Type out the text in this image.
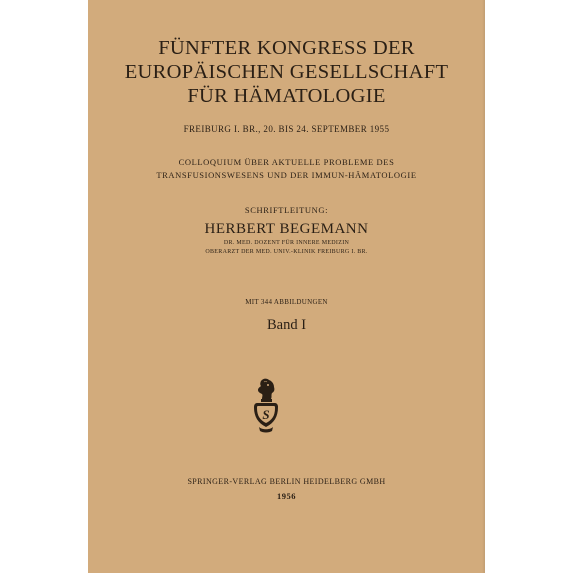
FÜNFTER KONGRESS DER
EUROPÄISCHEN GESELLSCHAFT
FÜR HÄMATOLOGIE
FREIBURG I. BR., 20. BIS 24. SEPTEMBER 1955
COLLOQUIUM ÜBER AKTUELLE PROBLEME DES
TRANSFUSIONSWESENS UND DER IMMUN-HÄMATOLOGIE
SCHRIFTLEITUNG:
HERBERT BEGEMANN
DR. MED. DOZENT FÜR INNERE MEDIZIN
OBERARZT DER MED. UNIV.-KLINIK FREIBURG I. BR.
MIT 344 ABBILDUNGEN
Band I
S
SPRINGER-VERLAG BERLIN HEIDELBERG GMBH
1956
